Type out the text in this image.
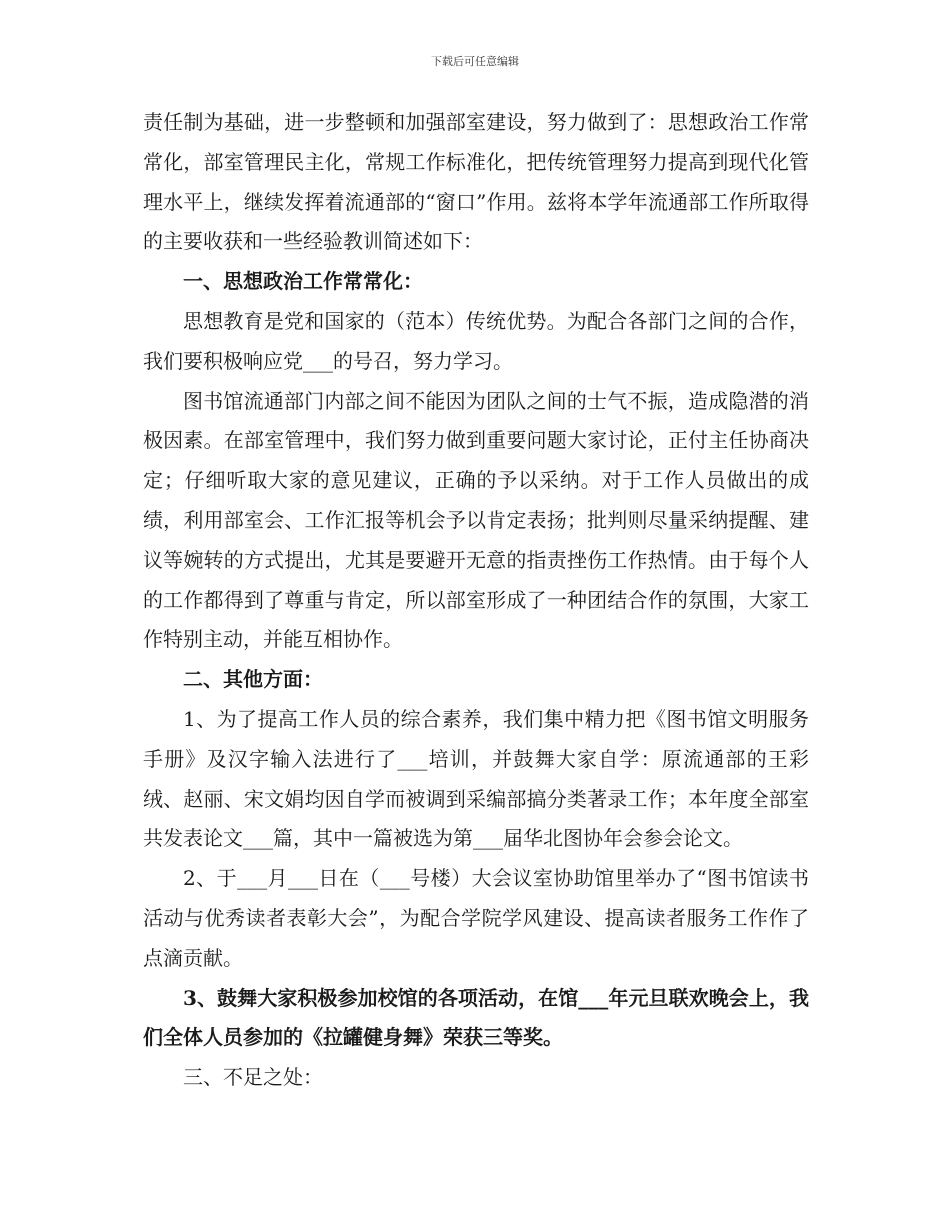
下载后可任意编辑

责任制为基础，进一步整顿和加强部室建设，努力做到了：思想政治工作常常化，部室管理民主化，常规工作标准化，把传统管理努力提高到现代化管理水平上，继续发挥着流通部的“窗口”作用。兹将本学年流通部工作所取得的主要收获和一些经验教训简述如下：

一、思想政治工作常常化：

思想教育是党和国家的（范本）传统优势。为配合各部门之间的合作，我们要积极响应党___的号召，努力学习。

图书馆流通部门内部之间不能因为团队之间的士气不振，造成隐潜的消极因素。在部室管理中，我们努力做到重要问题大家讨论，正付主任协商决定；仔细听取大家的意见建议，正确的予以采纳。对于工作人员做出的成绩，利用部室会、工作汇报等机会予以肯定表扬；批判则尽量采纳提醒、建议等婉转的方式提出，尤其是要避开无意的指责挫伤工作热情。由于每个人的工作都得到了尊重与肯定，所以部室形成了一种团结合作的氛围，大家工作特别主动，并能互相协作。

二、其他方面：

1、为了提高工作人员的综合素养，我们集中精力把《图书馆文明服务手册》及汉字输入法进行了___培训，并鼓舞大家自学：原流通部的王彩绒、赵丽、宋文娟均因自学而被调到采编部搞分类著录工作；本年度全部室共发表论文___篇，其中一篇被选为第___届华北图协年会参会论文。

2、于___月___日在（___号楼）大会议室协助馆里举办了“图书馆读书活动与优秀读者表彰大会”，为配合学院学风建设、提高读者服务工作作了点滴贡献。

3、鼓舞大家积极参加校馆的各项活动，在馆___年元旦联欢晚会上，我们全体人员参加的《拉罐健身舞》荣获三等奖。

三、不足之处：
